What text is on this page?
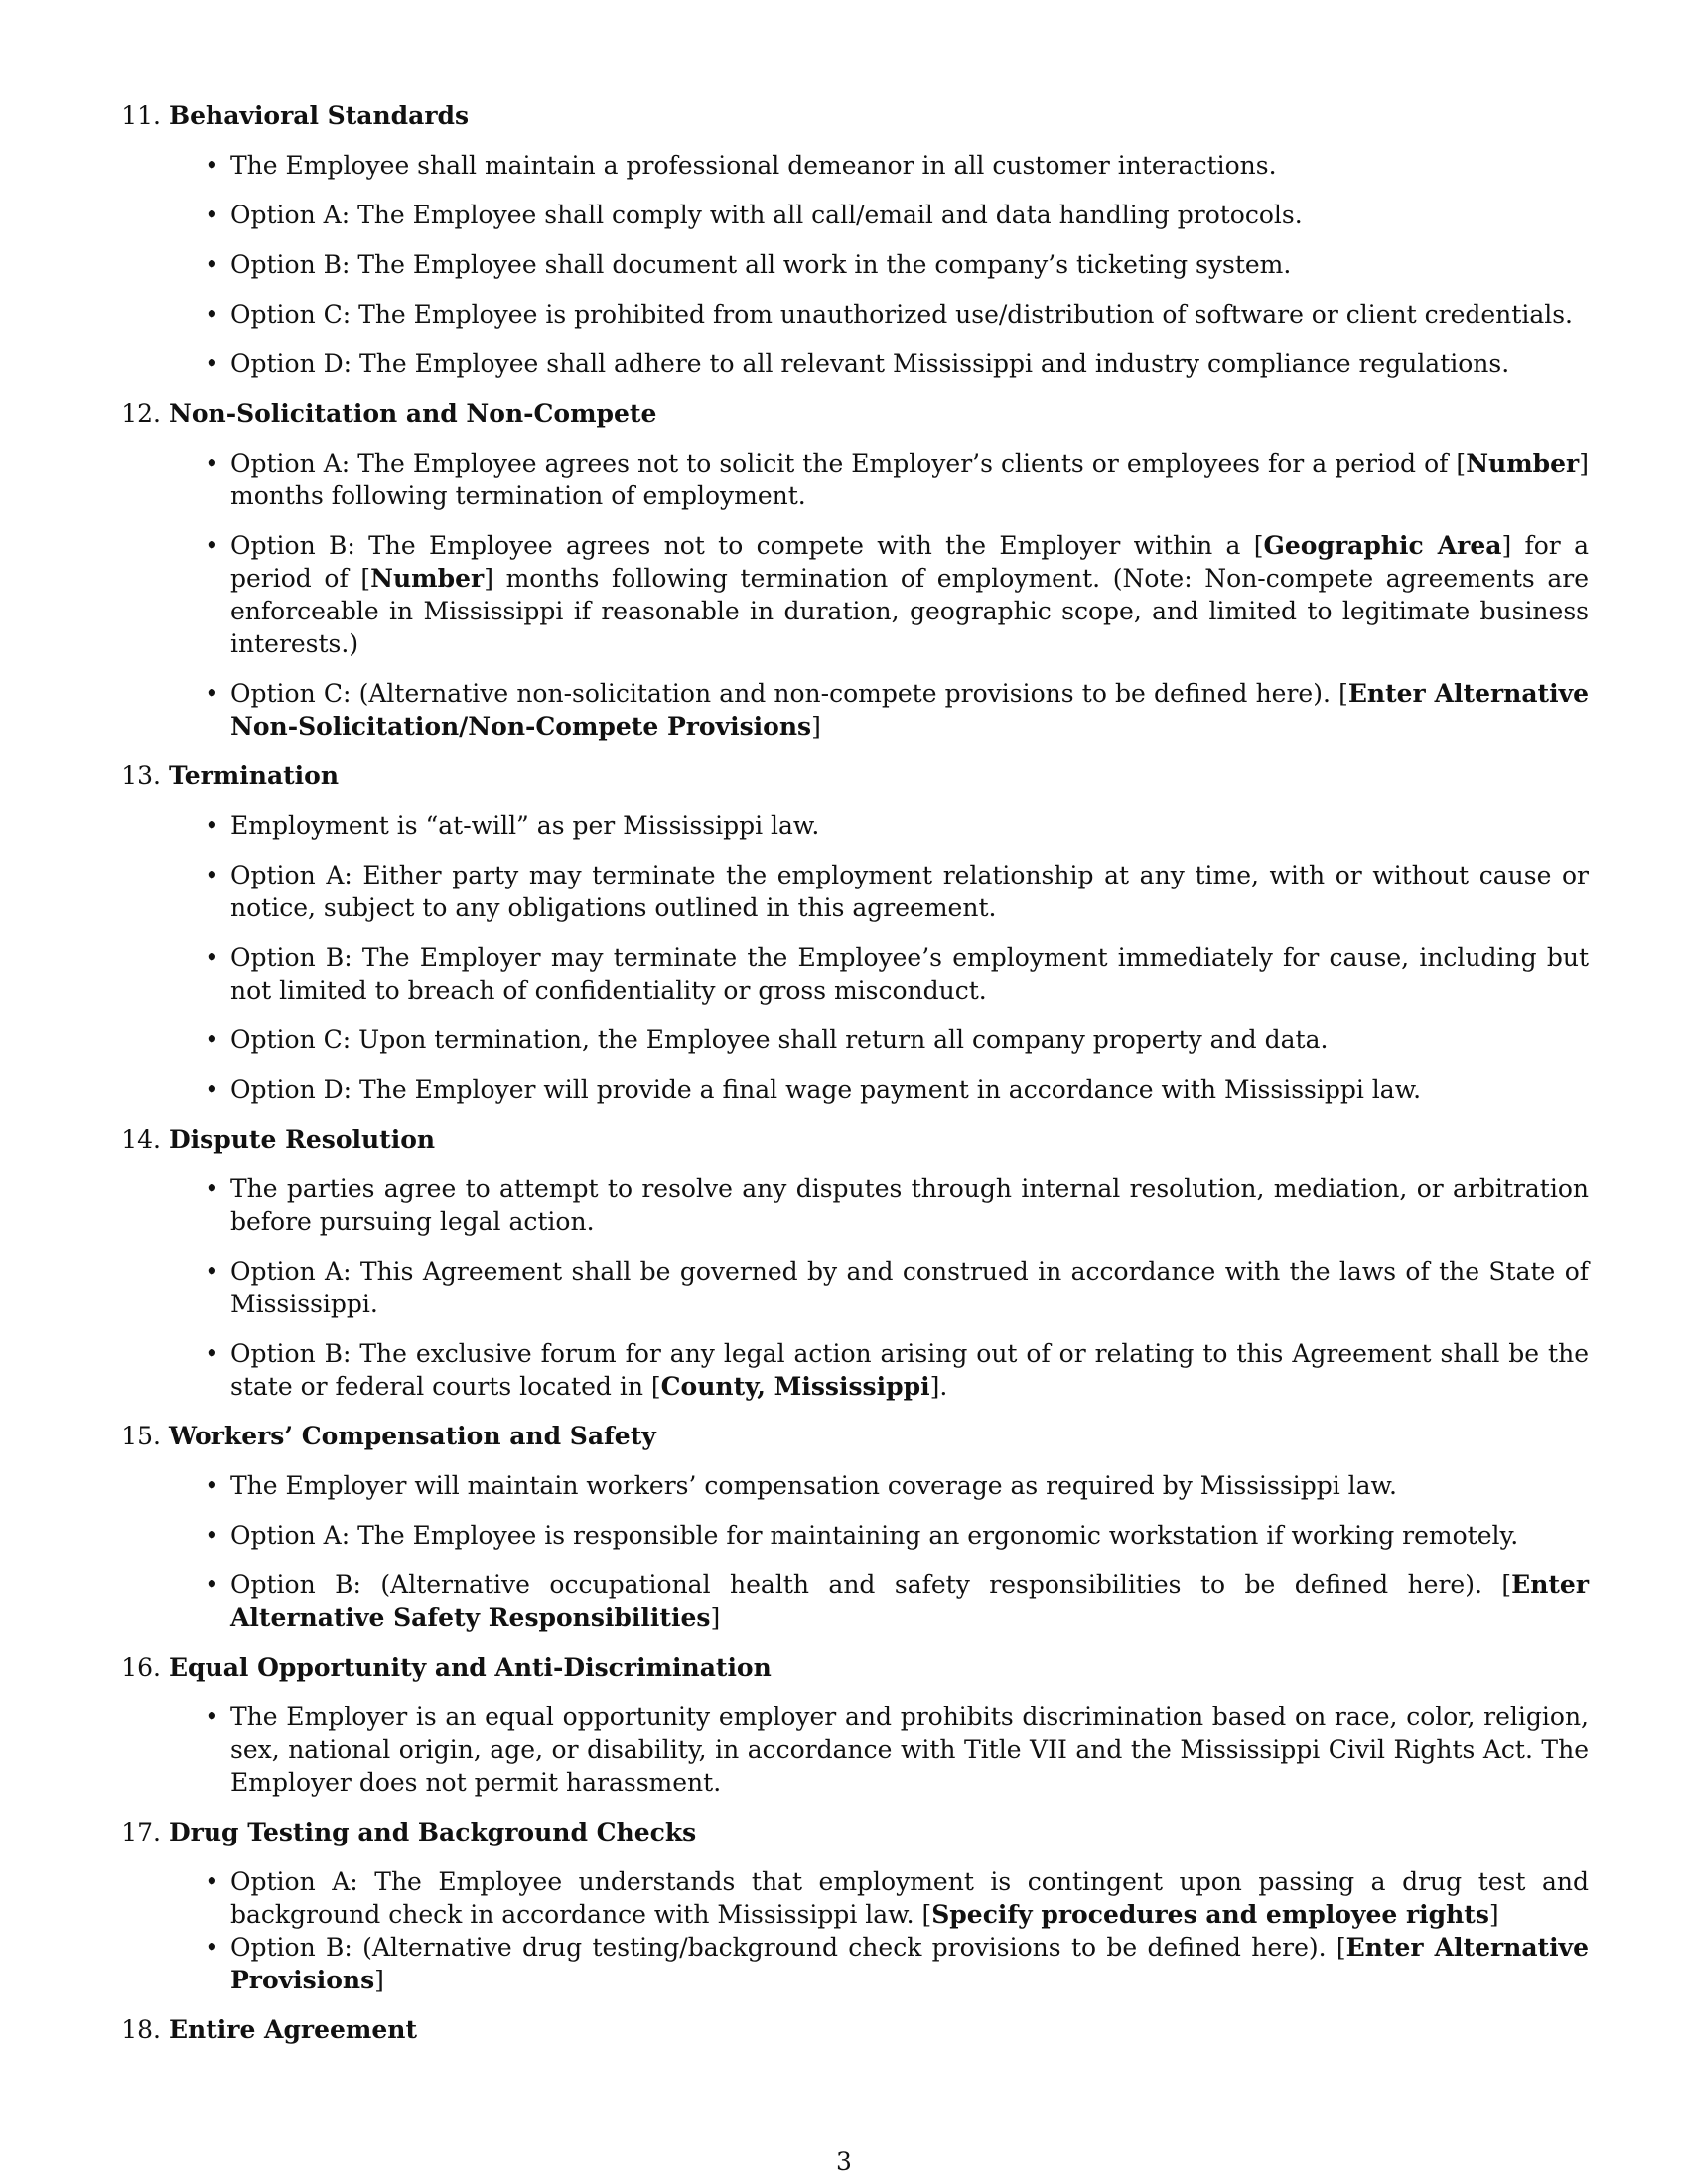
11. Behavioral Standards
• The Employee shall maintain a professional demeanor in all customer interactions.
• Option A: The Employee shall comply with all call/email and data handling protocols.
• Option B: The Employee shall document all work in the company’s ticketing system.
• Option C: The Employee is prohibited from unauthorized use/distribution of software or client credentials.
• Option D: The Employee shall adhere to all relevant Mississippi and industry compliance regulations.
12. Non-Solicitation and Non-Compete
• Option A: The Employee agrees not to solicit the Employer’s clients or employees for a period of [Number] months following termination of employment.
• Option B: The Employee agrees not to compete with the Employer within a [Geographic Area] for a period of [Number] months following termination of employment. (Note: Non-compete agreements are enforceable in Mississippi if reasonable in duration, geographic scope, and limited to legitimate business interests.)
• Option C: (Alternative non-solicitation and non-compete provisions to be defined here). [Enter Alternative Non-Solicitation/Non-Compete Provisions]
13. Termination
• Employment is “at-will” as per Mississippi law.
• Option A: Either party may terminate the employment relationship at any time, with or without cause or notice, subject to any obligations outlined in this agreement.
• Option B: The Employer may terminate the Employee’s employment immediately for cause, including but not limited to breach of confidentiality or gross misconduct.
• Option C: Upon termination, the Employee shall return all company property and data.
• Option D: The Employer will provide a final wage payment in accordance with Mississippi law.
14. Dispute Resolution
• The parties agree to attempt to resolve any disputes through internal resolution, mediation, or arbitration before pursuing legal action.
• Option A: This Agreement shall be governed by and construed in accordance with the laws of the State of Mississippi.
• Option B: The exclusive forum for any legal action arising out of or relating to this Agreement shall be the state or federal courts located in [County, Mississippi].
15. Workers’ Compensation and Safety
• The Employer will maintain workers’ compensation coverage as required by Mississippi law.
• Option A: The Employee is responsible for maintaining an ergonomic workstation if working remotely.
• Option B: (Alternative occupational health and safety responsibilities to be defined here). [Enter Alternative Safety Responsibilities]
16. Equal Opportunity and Anti-Discrimination
• The Employer is an equal opportunity employer and prohibits discrimination based on race, color, religion, sex, national origin, age, or disability, in accordance with Title VII and the Mississippi Civil Rights Act. The Employer does not permit harassment.
17. Drug Testing and Background Checks
• Option A: The Employee understands that employment is contingent upon passing a drug test and background check in accordance with Mississippi law. [Specify procedures and employee rights]
• Option B: (Alternative drug testing/background check provisions to be defined here). [Enter Alternative Provisions]
18. Entire Agreement
3
